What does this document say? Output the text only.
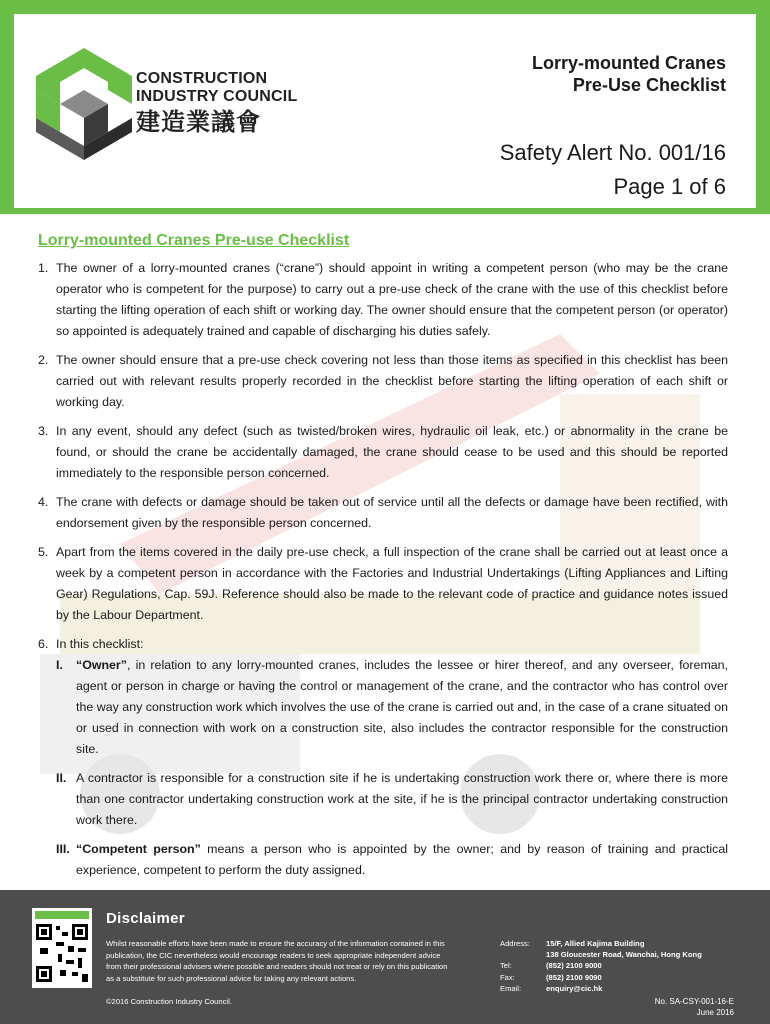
CONSTRUCTION
INDUSTRY COUNCIL
建造業議會
Lorry-mounted Cranes
Pre-Use Checklist
Safety Alert No. 001/16
Page 1 of 6
Lorry-mounted Cranes Pre-use Checklist
1. The owner of a lorry-mounted cranes (“crane”) should appoint in writing a competent person (who may be the crane operator who is competent for the purpose) to carry out a pre-use check of the crane with the use of this checklist before starting the lifting operation of each shift or working day. The owner should ensure that the competent person (or operator) so appointed is adequately trained and capable of discharging his duties safely.
2. The owner should ensure that a pre-use check covering not less than those items as specified in this checklist has been carried out with relevant results properly recorded in the checklist before starting the lifting operation of each shift or working day.
3. In any event, should any defect (such as twisted/broken wires, hydraulic oil leak, etc.) or abnormality in the crane be found, or should the crane be accidentally damaged, the crane should cease to be used and this should be reported immediately to the responsible person concerned.
4. The crane with defects or damage should be taken out of service until all the defects or damage have been rectified, with endorsement given by the responsible person concerned.
5. Apart from the items covered in the daily pre-use check, a full inspection of the crane shall be carried out at least once a week by a competent person in accordance with the Factories and Industrial Undertakings (Lifting Appliances and Lifting Gear) Regulations, Cap. 59J. Reference should also be made to the relevant code of practice and guidance notes issued by the Labour Department.
6. In this checklist:
I.	“Owner”, in relation to any lorry-mounted cranes, includes the lessee or hirer thereof, and any overseer, foreman, agent or person in charge or having the control or management of the crane, and the contractor who has control over the way any construction work which involves the use of the crane is carried out and, in the case of a crane situated on or used in connection with work on a construction site, also includes the contractor responsible for the construction site.
II. A contractor is responsible for a construction site if he is undertaking construction work there or, where there is more than one contractor undertaking construction work at the site, if he is the principal contractor undertaking construction work there.
III. “Competent person” means a person who is appointed by the owner; and by reason of training and practical experience, competent to perform the duty assigned.
Disclaimer
Whilst reasonable efforts have been made to ensure the accuracy of the information contained in this publication, the CIC nevertheless would encourage readers to seek appropriate independent advice from their professional advisers where possible and readers should not treat or rely on this publication as a substitute for such professional advice for taking any relevant actions.
©2016 Construction Industry Council.
Address:	15/F, Allied Kajima Building
138 Gloucester Road, Wanchai, Hong Kong
Tel:	(852) 2100 9000
Fax:	(852) 2100 9090
Email:	enquiry@cic.hk
No. SA-CSY-001-16-E
June 2016
